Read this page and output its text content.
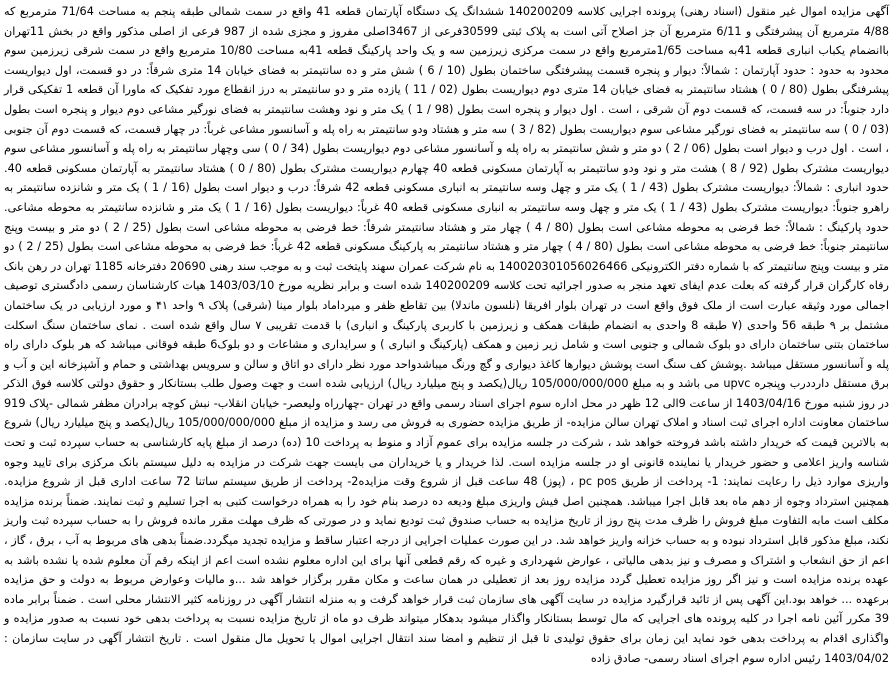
آگهی مزایده اموال غیر منقول (اسناد رهنی) پرونده اجرایی کلاسه 140200209 ششدانگ یک دستگاه آپارتمان قطعه 41 واقع در سمت شمالی طبقه پنجم به مساحت 71/64 مترمربع که 4/88 مترمربع آن پیشرفتگی و 6/11 مترمربع آن جز اصلاح آتی است به پلاک ثبتی 30599فرعی از 3467اصلی مفروز و مجزی شده از 987 فرعی از اصلی مذکور واقع در بخش 11تهران باانضمام یکباب انباری قطعه 41به مساحت 1/65مترمربع واقع در سمت مرکزی زیرزمین سه و یک واحد پارکینگ قطعه 41به مساحت 10/80 مترمربع واقع در سمت شرقی زیرزمین سوم محدود به حدود : حدود آپارتمان : شمالاً: دیوار و پنجره قسمت پیشرفتگی ساختمان بطول (10 / 6 ) شش متر و ده سانتیمتر به فضای خیابان 14 متری شرقاً: در دو قسمت، اول دیواریست پیشرفتگی بطول (80 / 0 ) هشتاد سانتیمتر به فضای خیابان 14 متری دوم دیواریست بطول (02 / 11 ) یازده متر و دو سانتیمتر به درز انقطاع مورد تفکیک که ماورا آن قطعه 1 تفکیکی قرار دارد جنوباً: در سه قسمت، که قسمت دوم آن شرقی ، است . اول دیوار و پنجره است بطول (98 / 1 ) یک متر و نود وهشت سانتیمتر به فضای نورگیر مشاعی دوم دیوار و پنجره است بطول (03 / 0 ) سه سانتیمتر به فضای نورگیر مشاعی سوم دیواریست بطول (82 / 3 ) سه متر و هشتاد ودو سانتیمتر به راه پله و آسانسور مشاعی غرباً: در چهار قسمت، که قسمت دوم آن جنوبی ، است . اول درب و دیوار است بطول (06 / 2 ) دو متر و شش سانتیمتر به راه پله و آسانسور مشاعی دوم دیواریست بطول (34 / 0 ) سی وچهار سانتیمتر به راه پله و آسانسور مشاعی سوم دیواریست مشترک بطول (92 / 8 ) هشت متر و نود ودو سانتیمتر به آپارتمان مسکونی قطعه 40 چهارم دیواریست مشترک بطول (80 / 0 ) هشتاد سانتیمتر به آپارتمان مسکونی قطعه 40. حدود انباری : شمالاً: دیواریست مشترک بطول (43 / 1 ) یک متر و چهل وسه سانتیمتر به انباری مسکونی قطعه 42 شرقاً: درب و دیوار است بطول (16 / 1 ) یک متر و شانزده سانتیمتر به راهرو جنوباً: دیواریست مشترک بطول (43 / 1 ) یک متر و چهل وسه سانتیمتر به انباری مسکونی قطعه 40 غرباً: دیواریست بطول (16 / 1 ) یک متر و شانزده سانتیمتر به محوطه مشاعی. حدود پارکینگ : شمالاً: خط فرضی به محوطه مشاعی است بطول (80 / 4 ) چهار متر و هشتاد سانتیمتر شرقاً: خط فرضی به محوطه مشاعی است بطول (25 / 2 ) دو متر و بیست وپنج سانتیمتر جنوباً: خط فرضی به محوطه مشاعی است بطول (80 / 4 ) چهار متر و هشتاد سانتیمتر به پارکینگ مسکونی قطعه 42 غرباً: خط فرضی به محوطه مشاعی است بطول (25 / 2 ) دو متر و بیست وپنج سانتیمتر که با شماره دفتر الکترونیکی 140020301056026466 به نام شرکت عمران سهند پایتخت ثبت و به موجب سند رهنی 20690 دفترخانه 1185 تهران در رهن بانک رفاه کارگران قرار گرفته که بعلت عدم ایفای تعهد منجر به صدور اجرائیه تحت کلاسه 140200209 شده است و برابر نظریه مورخ 1403/03/10 هیات کارشناسان رسمی دادگستری توصیف اجمالی مورد وثیقه عبارت است از ملک فوق واقع است در تهران بلوار افریقا (نلسون ماندلا) بین تقاطع ظفر و میرداماد بلوار مینا (شرقی) پلاک ۹ واحد ۴۱ و مورد ارزیابی در یک ساختمان مشتمل بر ۹ طبقه 56 واحدی (۷ طبقه 8 واحدی به انضمام طبقات همکف و زیرزمین با کاربری پارکینگ و انباری) با قدمت تقریبی ۷ سال واقع شده است . نمای ساختمان سنگ اسکلت ساختمان بتنی ساختمان دارای دو بلوک شمالی و جنوبی است و شامل زیر زمین و همکف (پارکینگ و انباری ) و سرایداری و مشاعات و دو بلوک6 طبقه فوقانی میباشد که هر بلوک دارای راه پله و آسانسور مستقل میباشد .پوشش کف سنگ است پوشش دیوارها کاغذ دیواری و گچ ورنگ میباشدواحد مورد نظر دارای دو اتاق و سالن و سرویس بهداشتی و حمام و آشپزخانه این و آب و برق مستقل دارددرب وپنجره upvc می باشد و به مبلغ 105/000/000/000 ریال(یکصد و پنج میلیارد ریال) ارزیابی شده است و جهت وصول طلب بستانکار و حقوق دولتی کلاسه فوق الذکر در روز شنبه مورخ 1403/04/16 از ساعت 9الی 12 ظهر در محل اداره سوم اجرای اسناد رسمی واقع در تهران -چهارراه ولیعصر- خیابان انقلاب- نبش کوچه برادران مظفر شمالی -پلاک 919 ساختمان معاونت اداره اجرای ثبت اسناد و املاک تهران سالن مزایده- از طریق مزایده حضوری به فروش می رسد و مزایده از مبلغ 105/000/000/000 ریال(یکصد و پنج میلیارد ریال) شروع به بالاترین قیمت که خریدار داشته باشد فروخته خواهد شد ، شرکت در جلسه مزایده برای عموم آزاد و منوط به پرداخت 10 (ده) درصد از مبلغ پایه کارشناسی به حساب سپرده ثبت و تحت شناسه واریز اعلامی و حضور خریدار یا نماینده قانونی او در جلسه مزایده است. لذا خریدار و یا خریداران می بایست جهت شرکت در مزایده به دلیل سیستم بانک مرکزی برای تایید وجوه واریزی موارد ذیل را رعایت نمایند: 1- پرداخت از طریق pc pos ، (پوز) 48 ساعت قبل از شروع وقت مزایده2- پرداخت از طریق سیستم ساتنا 72 ساعت اداری قبل از شروع مزایده. همچنین استرداد وجوه از دهم ماه بعد قابل اجرا میباشد. همچنین اصل فیش واریزی مبلغ ودیعه ده درصد بنام خود را به همراه درخواست کتبی به اجرا تسلیم و ثبت نمایند. ضمناً برنده مزایده مکلف است مابه التفاوت مبلغ فروش را ظرف مدت پنج روز از تاریخ مزایده به حساب صندوق ثبت تودیع نماید و در صورتی که ظرف مهلت مقرر مانده فروش را به حساب سپرده ثبت واریز نکند، مبلغ مذکور قابل استرداد نبوده و به حساب خزانه واریز خواهد شد. در این صورت عملیات اجرایی از درجه اعتبار ساقط و مزایده تجدید میگردد.ضمناً بدهی های مربوط به آب ، برق ، گاز ، اعم از حق انشعاب و اشتراک و مصرف و نیز بدهی مالیاتی ، عوارض شهرداری و غیره که رقم قطعی آنها برای این اداره معلوم نشده است اعم از اینکه رقم آن معلوم شده یا نشده باشد به عهده برنده مزایده است و نیز اگر روز مزایده تعطیل گردد مزایده روز بعد از تعطیلی در همان ساعت و مکان مقرر برگزار خواهد شد ...و مالیات وعوارض مربوط به دولت و حق مزایده برعهده ... خواهد بود.این آگهی پس از تائید قرارگیرد مزایده در سایت آگهی های سازمان ثبت قرار خواهد گرفت و به منزله انتشار آگهی در روزنامه کثیر الانتشار محلی است . ضمناً برابر ماده 39 مکرر آئین نامه اجرا در کلیه پرونده های اجرایی که مال توسط بستانکار واگذار میشود بدهکار میتواند ظرف دو ماه از تاریخ مزایده نسبت به پرداخت بدهی خود نسبت به صدور مزایده و واگذاری اقدام به پرداخت بدهی خود نماید این زمان برای حقوق تولیدی تا قبل از تنظیم و امضا سند انتقال اجرایی اموال یا تحویل مال منقول است . تاریخ انتشار آگهی در سایت سازمان : 1403/04/02 رئیس اداره سوم اجرای اسناد رسمی- صادق زاده
